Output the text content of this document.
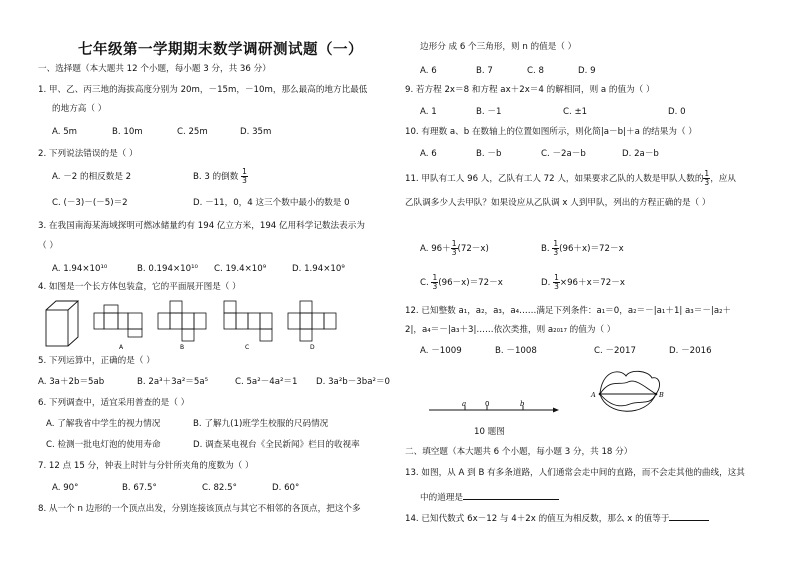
七年级第一学期期末数学调研测试题（一）
一、选择题（本大题共 12 个小题，每小题 3 分，共 36 分）
1. 甲、乙、丙三地的海拔高度分别为 20m，－15m，－10m，那么最高的地方比最低
的地方高（ ）
A. 5m	B. 10m	C. 25m	D. 35m
2. 下列说法错误的是（ ）
A. －2 的相反数是 2	B. 3 的倒数 $\frac{1}{3}$
C. (－3)－(－5)＝2	D. －11，0，4 这三个数中最小的数是 0
3. 在我国南海某海域探明可燃冰储量约有 194 亿立方米，194 亿用科学记数法表示为
（ ）
A. 1.94×10¹⁰	B. 0.194×10¹⁰ C. 19.4×10⁹	D. 1.94×10⁹
4. 如图是一个长方体包装盒，它的平面展开图是（ ）
A	B	C	D
5. 下列运算中，正确的是（ ）
A. 3a＋2b＝5ab	B. 2a³＋3a²＝5a⁵	C. 5a²－4a²＝1 D. 3a²b－3ba²＝0
6. 下列调查中，适宜采用普查的是（ ）
A. 了解我省中学生的视力情况	B. 了解九(1)班学生校服的尺码情况
C. 检测一批电灯泡的使用寿命	D. 调查某电视台《全民新闻》栏目的收视率
7. 12 点 15 分，钟表上时针与分针所夹角的度数为（ ）
A. 90°	B. 67.5°	C. 82.5°	D. 60°
8. 从一个 n 边形的一个顶点出发，分别连接该顶点与其它不相邻的各顶点，把这个多
边形分 成 6 个三角形，则 n 的值是（ ）
A. 6	B. 7	C. 8	D. 9
9. 若方程 2x＝8 和方程 ax＋2x＝4 的解相同，则 a 的值为（ ）
A. 1	B. －1	C. ±1	D. 0
10. 有理数 a、b 在数轴上的位置如图所示，则化简|a－b|＋a 的结果为（ ）
A. 6	B. －b	C. －2a－b	D. 2a－b
11. 甲队有工人 96 人，乙队有工人 72 人，如果要求乙队的人数是甲队人数的 $\frac{1}{3}$ ，应从
乙队调多少人去甲队？如果设应从乙队调 x 人到甲队，列出的方程正确的是（ ）
A. $96+ \frac{1}{3} (72-x)$	B. $\frac{1}{3} (96+x)=72-x$
C. $\frac{1}{3} (96-x)=72-x$	D. $\frac{1}{3} \times 96+x=72-x$
12. 已知整数 a₁，a₂，a₃，a₄……满足下列条件：a₁＝0，a₂＝－|a₁＋1| a₃＝－|a₂＋
2|，a₄＝－|a₃＋3|……依次类推，则 a₂₀₁₇ 的值为（ ）
A. －1009	B. －1008	C. －2017	D. －2016
A	B
a	0	b
10 题图
二、填空题（本大题共 6 个小题，每小题 3 分，共 18 分）
13. 如图，从 A 到 B 有多条道路，人们通常会走中间的直路，而不会走其他的曲线，这其
中的道理是
14. 已知代数式 6x－12 与 4＋2x 的值互为相反数，那么 x 的值等于
